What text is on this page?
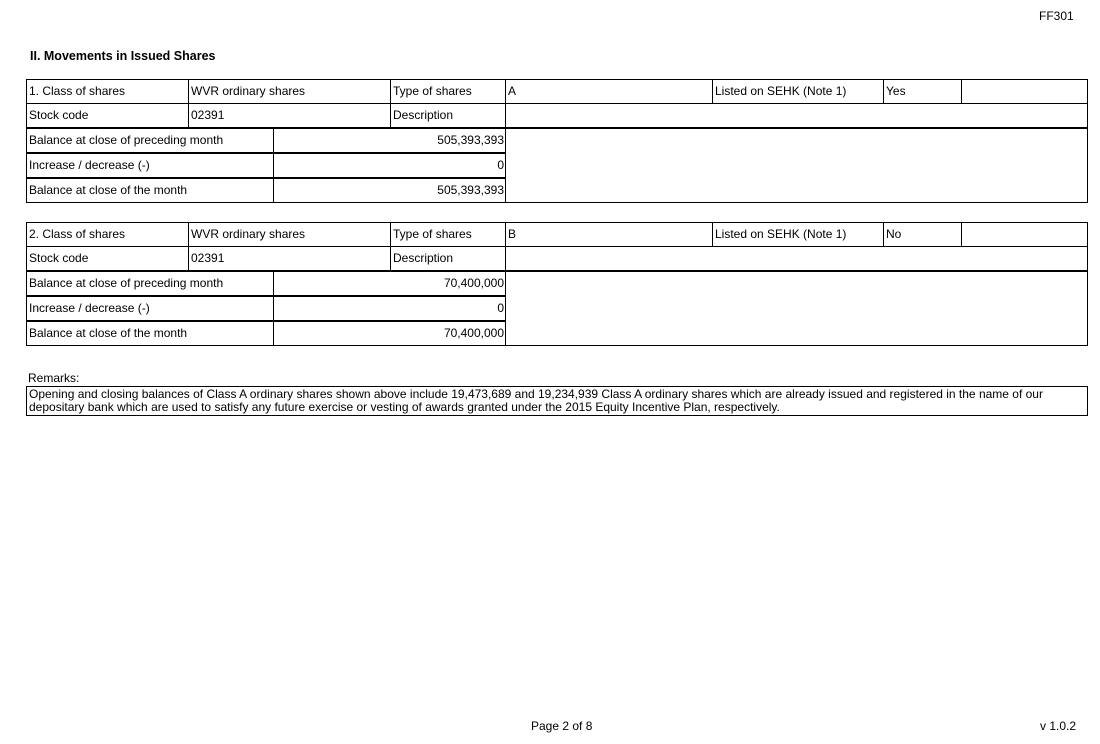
FF301
II. Movements in Issued Shares
1. Class of shares	WVR ordinary shares	Type of shares	A	Listed on SEHK (Note 1)	Yes
Stock code	02391	Description
Balance at close of preceding month	505,393,393
Increase / decrease (-)	0
Balance at close of the month	505,393,393
2. Class of shares	WVR ordinary shares	Type of shares	B	Listed on SEHK (Note 1)	No
Stock code	02391	Description
Balance at close of preceding month	70,400,000
Increase / decrease (-)	0
Balance at close of the month	70,400,000
Remarks:
Opening and closing balances of Class A ordinary shares shown above include 19,473,689 and 19,234,939 Class A ordinary shares which are already issued and registered in the name of our depositary bank which are used to satisfy any future exercise or vesting of awards granted under the 2015 Equity Incentive Plan, respectively.
Page 2 of 8	v 1.0.2
